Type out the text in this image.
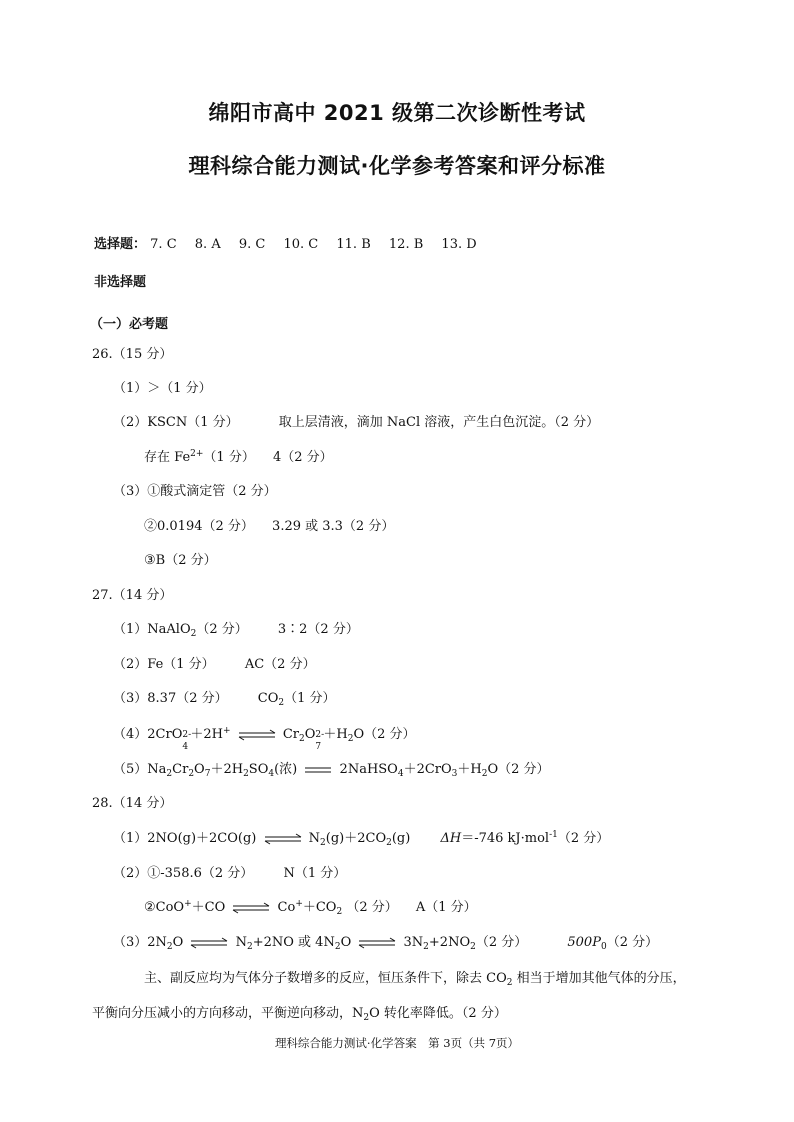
绵阳市高中 2021 级第二次诊断性考试
理科综合能力测试·化学参考答案和评分标准
选择题： 7. C 8. A 9. C 10. C 11. B 12. B 13. D
非选择题
（一）必考题
26.（15 分）
（1）＞（1 分）
（2）KSCN（1 分）	取上层清液，滴加 NaCl 溶液，产生白色沉淀。（2 分）
存在 $Fe^{2+}(1$ 分） 4（2 分）
（3）①酸式滴定管（2 分）
②0.0194（2 分） 3.29 或 3.3（2 分）
③B（2 分）
27.（14 分）
（1）NaAlO$_2$（2 分） 3∶2（2 分）
（2）Fe（1 分） AC（2 分）
（3）8.37（2 分） $CO_2(1$ 分）
（4）2CrO 2-
4
＋2H+ ⇌ $Cr_2O$ 2-
7
$+H_2O(2$ 分）
$(5)Na_2Cr_2O_7+2H_2SO_4$(浓)	$2NaHSO_4+2CrO_3+H_2O(2$ 分）
28.（14 分）
（1）2NO(g)＋2CO(g) ⇌ $N_2(g)+2CO_2(g)$ ΔH＝-746 kJ·mol$^{-1}$（2 分）
（2）①-358.6（2 分） N（1 分）
②CoO+＋CO ⇌ $Co^++CO_2$ （2 分） A（1 分）
$(3)2N_2O$ ⇌ $N_2+2NO$ 或 $4N_2O$ ⇌ $3N_2+2NO_2(2$ 分）	$500P_0(2$ 分）
主、副反应均为气体分子数增多的反应，恒压条件下，除去 $CO_2$ 相当于增加其他气体的分压，
平衡向分压减小的方向移动，平衡逆向移动，$N_2O$ 转化率降低。（2 分）
理科综合能力测试·化学答案　第 3页（共 7页）
